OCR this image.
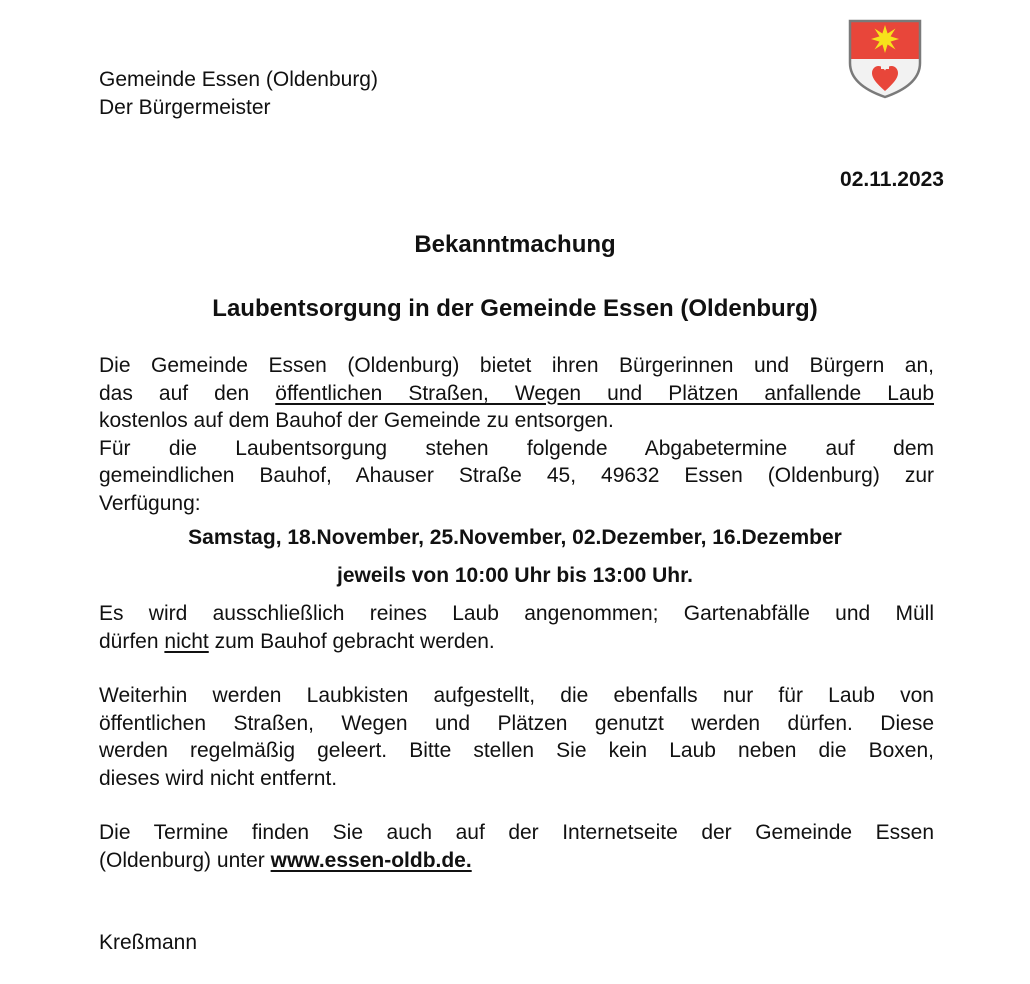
Gemeinde Essen (Oldenburg)
Der Bürgermeister
02.11.2023
Bekanntmachung
Laubentsorgung in der Gemeinde Essen (Oldenburg)
Die Gemeinde Essen (Oldenburg) bietet ihren Bürgerinnen und Bürgern an,
das auf den öffentlichen Straßen, Wegen und Plätzen anfallende Laub
kostenlos auf dem Bauhof der Gemeinde zu entsorgen.
Für die Laubentsorgung stehen folgende Abgabetermine auf dem
gemeindlichen Bauhof, Ahauser Straße 45, 49632 Essen (Oldenburg) zur
Verfügung:
Samstag, 18.November, 25.November, 02.Dezember, 16.Dezember
jeweils von 10:00 Uhr bis 13:00 Uhr.
Es wird ausschließlich reines Laub angenommen; Gartenabfälle und Müll
dürfen nicht zum Bauhof gebracht werden.
Weiterhin werden Laubkisten aufgestellt, die ebenfalls nur für Laub von
öffentlichen Straßen, Wegen und Plätzen genutzt werden dürfen. Diese
werden regelmäßig geleert. Bitte stellen Sie kein Laub neben die Boxen,
dieses wird nicht entfernt.
Die Termine finden Sie auch auf der Internetseite der Gemeinde Essen
(Oldenburg) unter www.essen-oldb.de.
Kreßmann
